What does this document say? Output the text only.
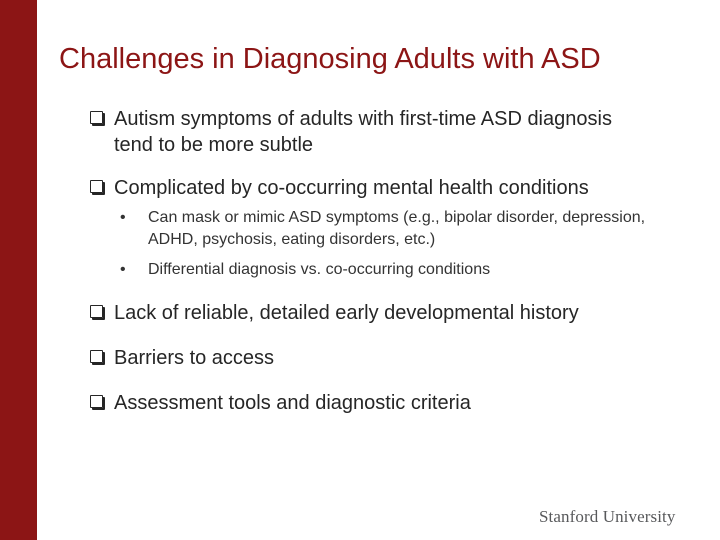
Challenges in Diagnosing Adults with ASD
Autism symptoms of adults with first-time ASD diagnosis tend to be more subtle
Complicated by co-occurring mental health conditions
• Can mask or mimic ASD symptoms (e.g., bipolar disorder, depression, ADHD, psychosis, eating disorders, etc.)
• Differential diagnosis vs. co-occurring conditions
Lack of reliable, detailed early developmental history
Barriers to access
Assessment tools and diagnostic criteria
Stanford University
